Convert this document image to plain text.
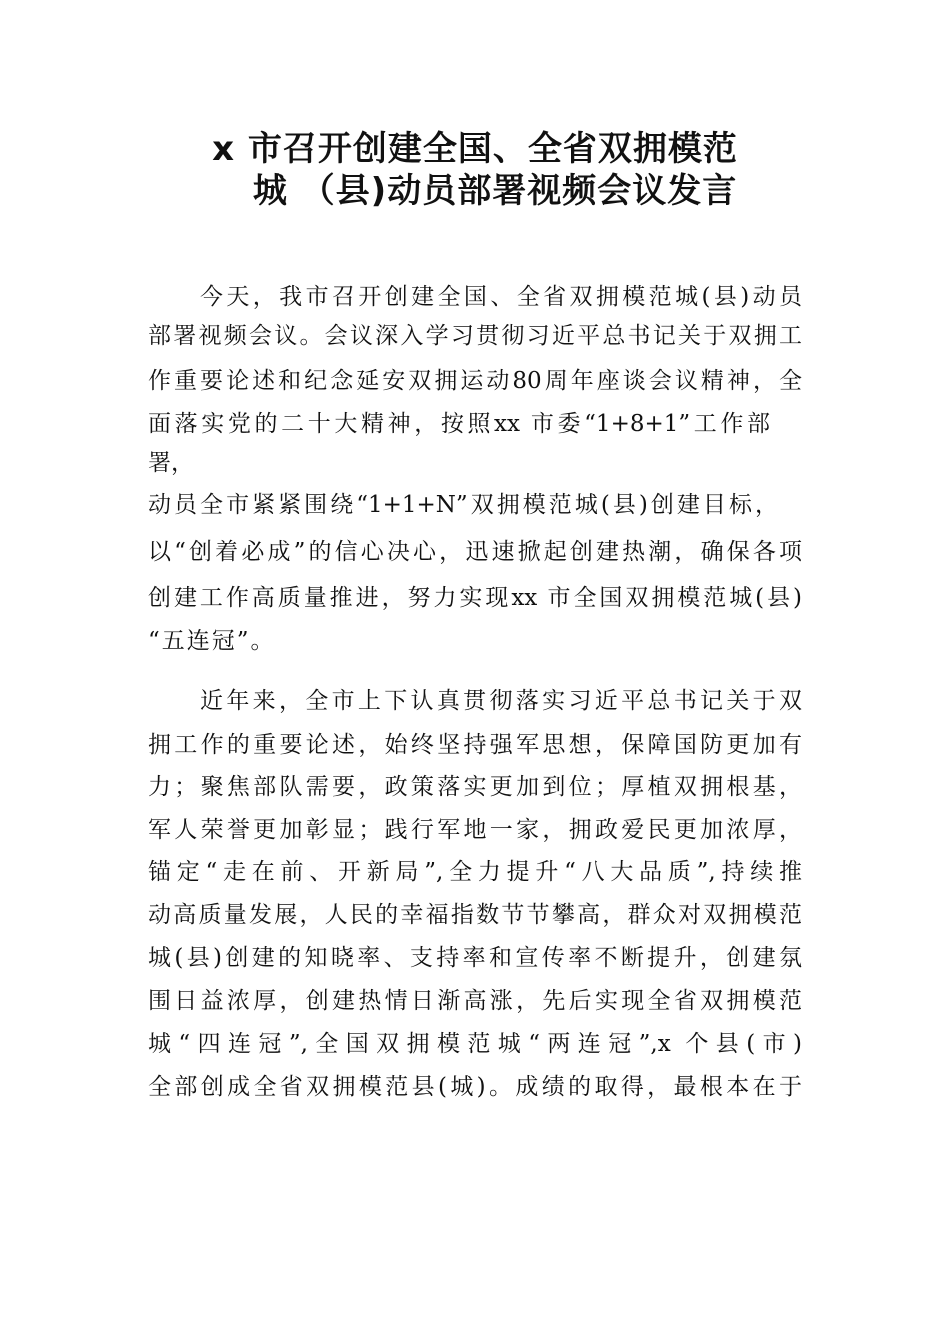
x 市召开创建全国、全省双拥模范
城 （县)动员部署视频会议发言
今天，我市召开创建全国、全省双拥模范城(县)动员
部署视频会议。会议深入学习贯彻习近平总书记关于双拥工
作重要论述和纪念延安双拥运动80周年座谈会议精神，全
面落实党的二十大精神，按照xx 市委“1+8+1”工作部
署，
动员全市紧紧围绕“1+1+N”双拥模范城(县)创建目标，
以“创着必成”的信心决心，迅速掀起创建热潮，确保各项
创建工作高质量推进，努力实现xx 市全国双拥模范城(县)
“五连冠”。
近年来，全市上下认真贯彻落实习近平总书记关于双
拥工作的重要论述，始终坚持强军思想，保障国防更加有
力；聚焦部队需要，政策落实更加到位；厚植双拥根基，
军人荣誉更加彰显；践行军地一家，拥政爱民更加浓厚，
锚定“走在前、开新局”,全力提升“八大品质”,持续推
动高质量发展，人民的幸福指数节节攀高，群众对双拥模范
城(县)创建的知晓率、支持率和宣传率不断提升，创建氛
围日益浓厚，创建热情日渐高涨，先后实现全省双拥模范
城“四连冠”,全国双拥模范城“两连冠”,x 个县(市)
全部创成全省双拥模范县(城)。成绩的取得，最根本在于
